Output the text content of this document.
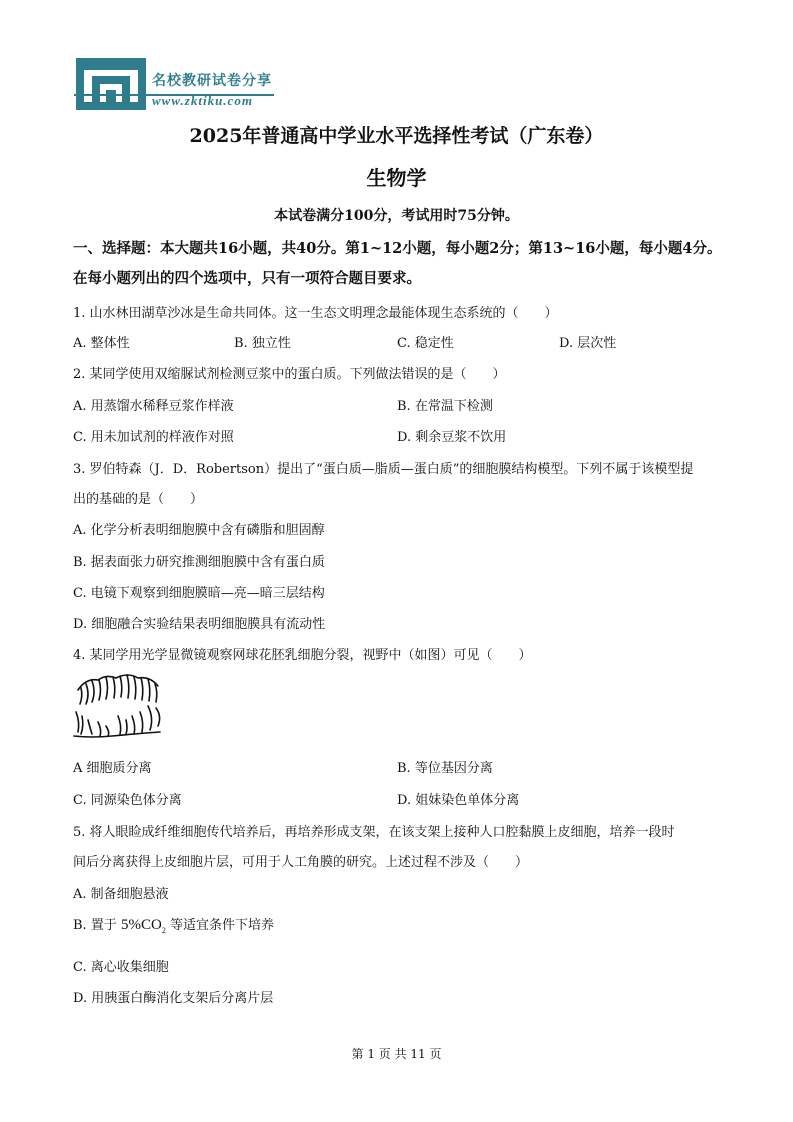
名校教研试卷分享
www.zktiku.com
2025年普通高中学业水平选择性考试（广东卷）
生物学
本试卷满分100分，考试用时75分钟。
一、选择题：本大题共16小题，共40分。第1~12小题，每小题2分；第13~16小题，每小题4分。在每小题列出的四个选项中，只有一项符合题目要求。
1. 山水林田湖草沙冰是生命共同体。这一生态文明理念最能体现生态系统的（　　）
A. 整体性	B. 独立性	C. 稳定性	D. 层次性
2. 某同学使用双缩脲试剂检测豆浆中的蛋白质。下列做法错误的是（　　）
A. 用蒸馏水稀释豆浆作样液	B. 在常温下检测
C. 用未加试剂的样液作对照	D. 剩余豆浆不饮用
3. 罗伯特森（J．D．Robertson）提出了“蛋白质—脂质—蛋白质”的细胞膜结构模型。下列不属于该模型提
出的基础的是（　　）
A. 化学分析表明细胞膜中含有磷脂和胆固醇
B. 据表面张力研究推测细胞膜中含有蛋白质
C. 电镜下观察到细胞膜暗—亮—暗三层结构
D. 细胞融合实验结果表明细胞膜具有流动性
4. 某同学用光学显微镜观察网球花胚乳细胞分裂，视野中（如图）可见（　　）
A 细胞质分离	B. 等位基因分离
C. 同源染色体分离	D. 姐妹染色单体分离
5. 将人眼睑成纤维细胞传代培养后，再培养形成支架，在该支架上接种人口腔黏膜上皮细胞，培养一段时
间后分离获得上皮细胞片层，可用于人工角膜的研究。上述过程不涉及（　　）
A. 制备细胞悬液
B. 置于 $5\%CO_2$ 等适宜条件下培养
C. 离心收集细胞
D. 用胰蛋白酶消化支架后分离片层
第 1 页 共 11 页
